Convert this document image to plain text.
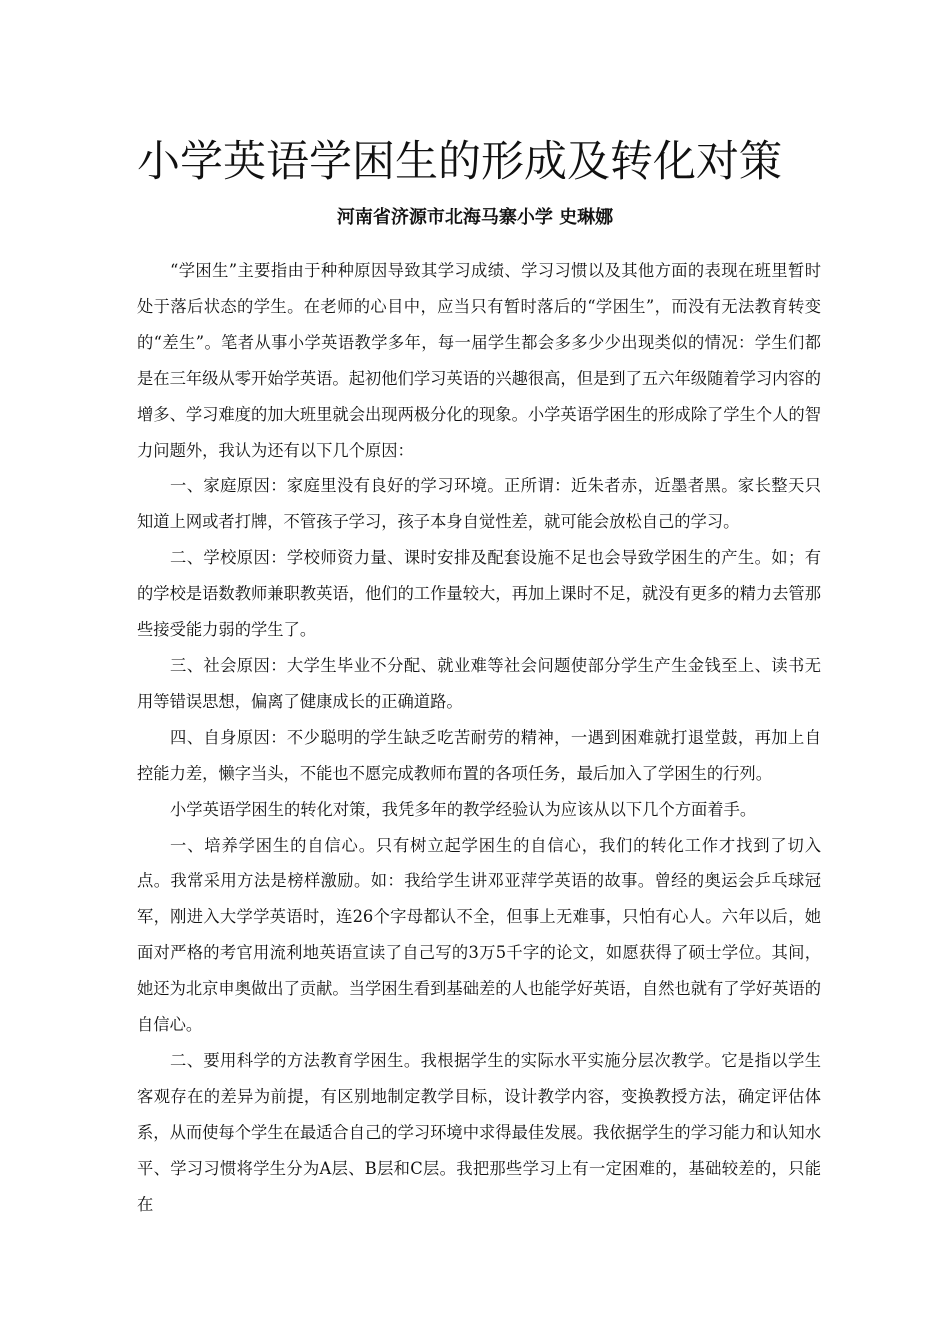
小学英语学困生的形成及转化对策
河南省济源市北海马寨小学 史琳娜

“学困生”主要指由于种种原因导致其学习成绩、学习习惯以及其他方面的表现在班里暂时处于落后状态的学生。在老师的心目中，应当只有暂时落后的“学困生”，而没有无法教育转变的“差生”。笔者从事小学英语教学多年，每一届学生都会多多少少出现类似的情况：学生们都是在三年级从零开始学英语。起初他们学习英语的兴趣很高，但是到了五六年级随着学习内容的增多、学习难度的加大班里就会出现两极分化的现象。小学英语学困生的形成除了学生个人的智力问题外，我认为还有以下几个原因：

一、家庭原因：家庭里没有良好的学习环境。正所谓：近朱者赤，近墨者黑。家长整天只知道上网或者打牌，不管孩子学习，孩子本身自觉性差，就可能会放松自己的学习。

二、学校原因：学校师资力量、课时安排及配套设施不足也会导致学困生的产生。如；有的学校是语数教师兼职教英语，他们的工作量较大，再加上课时不足，就没有更多的精力去管那些接受能力弱的学生了。

三、社会原因：大学生毕业不分配、就业难等社会问题使部分学生产生金钱至上、读书无用等错误思想，偏离了健康成长的正确道路。

四、自身原因：不少聪明的学生缺乏吃苦耐劳的精神，一遇到困难就打退堂鼓，再加上自控能力差，懒字当头，不能也不愿完成教师布置的各项任务，最后加入了学困生的行列。

小学英语学困生的转化对策，我凭多年的教学经验认为应该从以下几个方面着手。

一、培养学困生的自信心。只有树立起学困生的自信心，我们的转化工作才找到了切入点。我常采用方法是榜样激励。如：我给学生讲邓亚萍学英语的故事。曾经的奥运会乒乓球冠军，刚进入大学学英语时，连26个字母都认不全，但事上无难事，只怕有心人。六年以后，她面对严格的考官用流利地英语宣读了自己写的3万5千字的论文，如愿获得了硕士学位。其间，她还为北京申奥做出了贡献。当学困生看到基础差的人也能学好英语，自然也就有了学好英语的自信心。

二、要用科学的方法教育学困生。我根据学生的实际水平实施分层次教学。它是指以学生客观存在的差异为前提，有区别地制定教学目标，设计教学内容，变换教授方法，确定评估体系，从而使每个学生在最适合自己的学习环境中求得最佳发展。我依据学生的学习能力和认知水平、学习习惯将学生分为A层、B层和C层。我把那些学习上有一定困难的，基础较差的，只能在
